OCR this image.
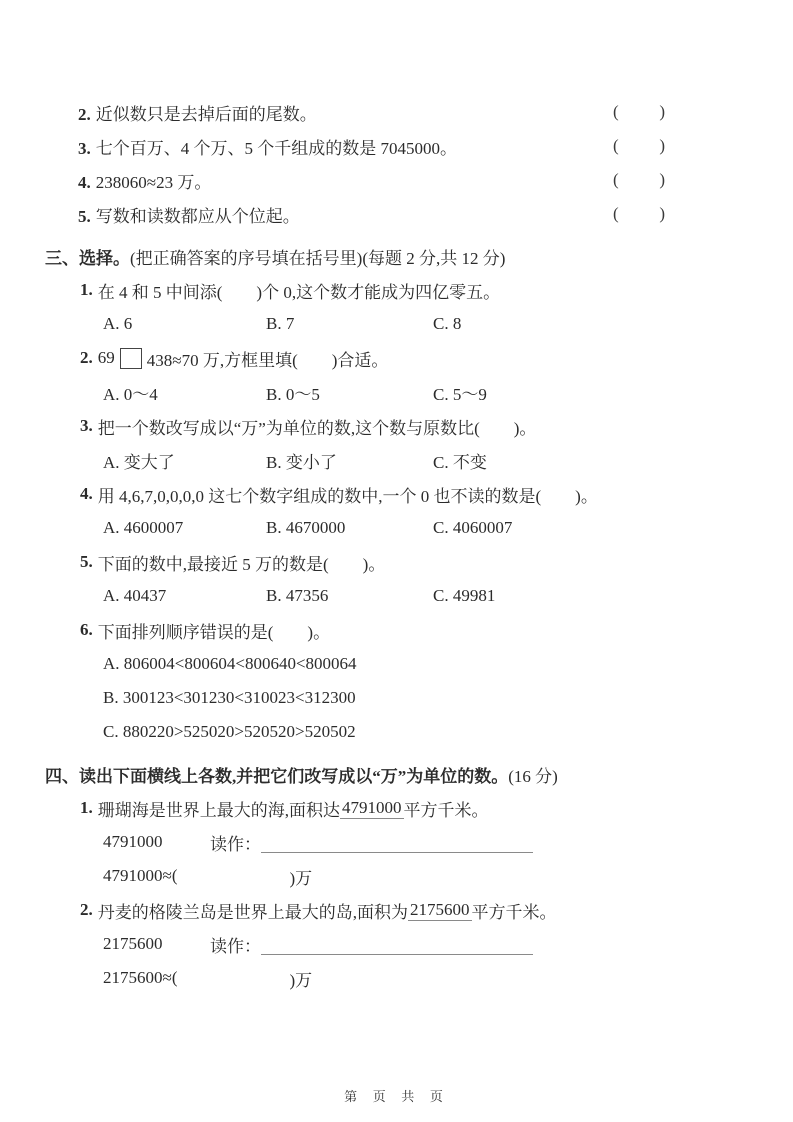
2. 近似数只是去掉后面的尾数。	( )
3. 七个百万、4 个万、5 个千组成的数是 7045000。	( )
4. 238060≈23 万。	( )
5. 写数和读数都应从个位起。	( )
三、选择。 (把正确答案的序号填在括号里)(每题 2 分,共 12 分)
1. 在 4 和 5 中间添(　　)个 0,这个数才能成为四亿零五。
A. 6	B. 7	C. 8
2. 69 438≈70 万,方框里填(　　)合适。
A. 0～4	B. 0～5	C. 5～9
3. 把一个数改写成以“万”为单位的数,这个数与原数比(　　)。
A. 变大了	B. 变小了	C. 不变
4. 用 4,6,7,0,0,0,0 这七个数字组成的数中,一个 0 也不读的数是(　　)。
A. 4600007	B. 4670000	C. 4060007
5. 下面的数中,最接近 5 万的数是(　　)。
A. 40437	B. 47356	C. 49981
6. 下面排列顺序错误的是(　　)。
A. 806004<800604<800640<800064
B. 300123<301230<310023<312300
C. 880220>525020>520520>520502
四、读出下面横线上各数,并把它们改写成以“万”为单位的数。 (16 分)
1. 珊瑚海是世界上最大的海,面积达 4791000 平方千米。
4791000	读作：
4791000≈(	)万
2. 丹麦的格陵兰岛是世界上最大的岛,面积为 2175600 平方千米。
2175600	读作：
2175600≈(	)万
第 页 共 页
